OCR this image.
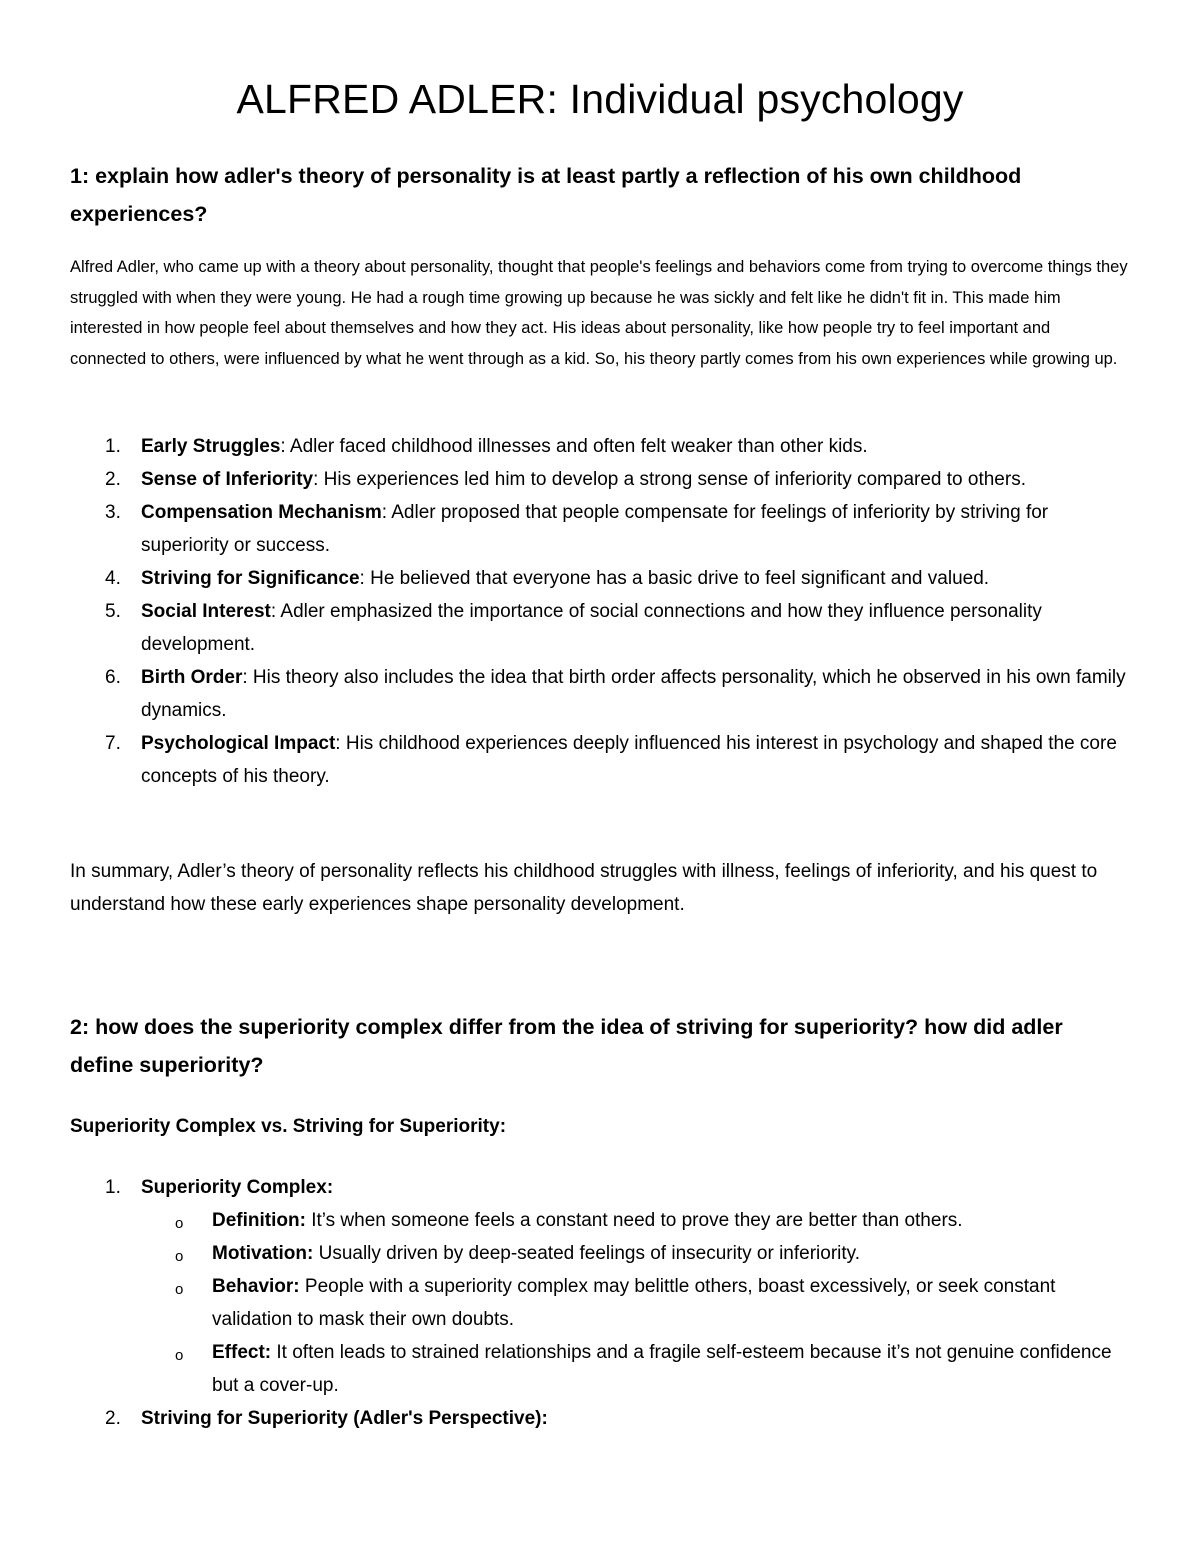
ALFRED ADLER: Individual psychology
1: explain how adler's theory of personality is at least partly a reflection of his own childhood experiences?

Alfred Adler, who came up with a theory about personality, thought that people's feelings and behaviors come from trying to overcome things they struggled with when they were young. He had a rough time growing up because he was sickly and felt like he didn't fit in. This made him interested in how people feel about themselves and how they act. His ideas about personality, like how people try to feel important and connected to others, were influenced by what he went through as a kid. So, his theory partly comes from his own experiences while growing up.

1. Early Struggles: Adler faced childhood illnesses and often felt weaker than other kids.
2. Sense of Inferiority: His experiences led him to develop a strong sense of inferiority compared to others.
3. Compensation Mechanism: Adler proposed that people compensate for feelings of inferiority by striving for superiority or success.
4. Striving for Significance: He believed that everyone has a basic drive to feel significant and valued.
5. Social Interest: Adler emphasized the importance of social connections and how they influence personality development.
6. Birth Order: His theory also includes the idea that birth order affects personality, which he observed in his own family dynamics.
7. Psychological Impact: His childhood experiences deeply influenced his interest in psychology and shaped the core concepts of his theory.

In summary, Adler’s theory of personality reflects his childhood struggles with illness, feelings of inferiority, and his quest to understand how these early experiences shape personality development.

2: how does the superiority complex differ from the idea of striving for superiority? how did adler define superiority?

Superiority Complex vs. Striving for Superiority:

1. Superiority Complex:
o Definition: It’s when someone feels a constant need to prove they are better than others.
o Motivation: Usually driven by deep-seated feelings of insecurity or inferiority.
o Behavior: People with a superiority complex may belittle others, boast excessively, or seek constant validation to mask their own doubts.
o Effect: It often leads to strained relationships and a fragile self-esteem because it’s not genuine confidence but a cover-up.
2. Striving for Superiority (Adler's Perspective):
